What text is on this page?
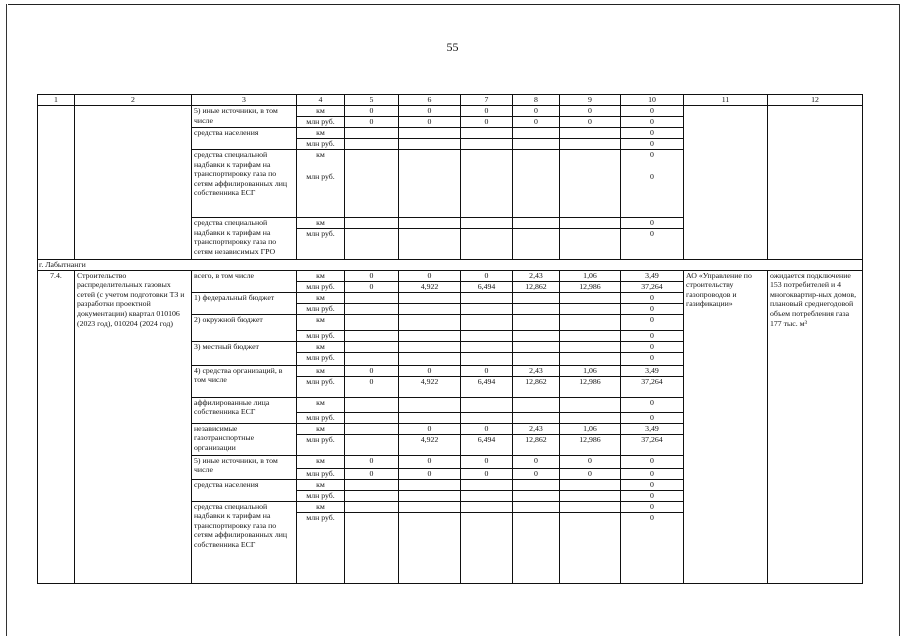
55
1	2	3	4	5	6	7	8	9	10	11	12
		5) иные источники, в том числе	км	0	0	0	0	0	0		
			млн руб.	0	0	0	0	0	0		
		средства населения	км						0		
			млн руб.						0		
		средства специальной надбавки к тарифам на транспортировку газа по сетям аффилированных лиц собственника ЕСГ	км						0		
			млн руб.						0		
		средства специальной надбавки к тарифам на транспортировку газа по сетям независимых ГРО	км						0		
			млн руб.						0		

г. Лабытнанги											
7.4.	Строительство распределительных газовых сетей (с учетом подготовки ТЗ и разработки проектной документации) квартал 010106 (2023 год), 010204 (2024 год)	всего, в том числе	км	0	0	0	2,43	1,06	3,49	АО «Управление по строительству газопроводов и газификации»	ожидается подключение 153 потребителей и 4 многоквартир-ных домов, плановый среднегодовой объем потребления газа 177 тыс. м³
			млн руб.	0	4,922	6,494	12,862	12,986	37,264		
		1) федеральный бюджет	км						0		
			млн руб.						0		
		2) окружной бюджет	км						0		
			млн руб.						0		
		3) местный бюджет	км						0		
			млн руб.						0		
		4) средства организаций, в том числе	км	0	0	0	2,43	1,06	3,49		
			млн руб.	0	4,922	6,494	12,862	12,986	37,264		

		аффилированные лица собственника ЕСГ	км						0		
			млн руб.						0		
		независимые газотранспортные организации	км		0	0	2,43	1,06	3,49		
			млн руб.		4,922	6,494	12,862	12,986	37,264		

		5) иные источники, в том числе	км	0	0	0	0	0	0		
			млн руб.	0	0	0	0	0	0		
		средства населения	км						0		
			млн руб.						0		
		средства специальной надбавки к тарифам на транспортировку газа по сетям аффилированных лиц собственника ЕСГ	км						0		
			млн руб.						0		
